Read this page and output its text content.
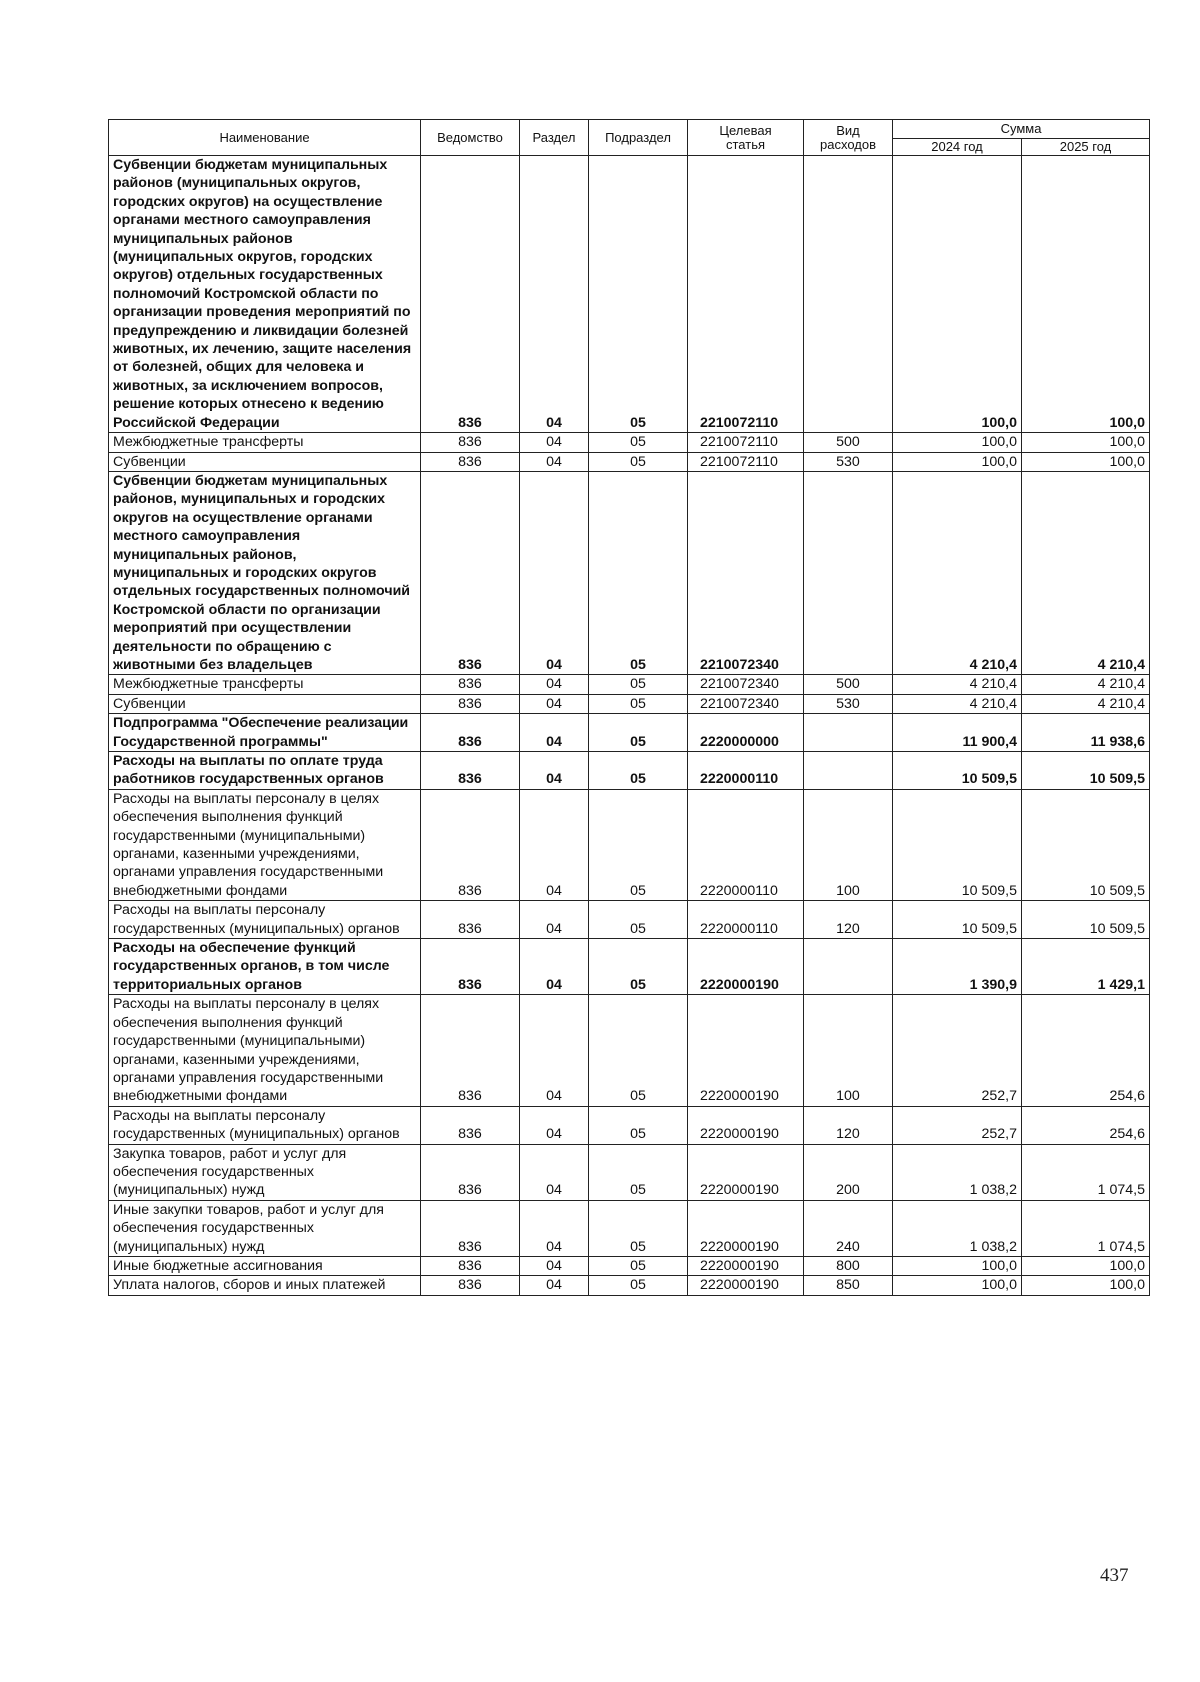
Наименование	Ведомство	Раздел	Подраздел	Целевая статья	Вид расходов	Сумма	
						2024 год	2025 год
Субвенции бюджетам муниципальных районов (муниципальных округов, городских округов) на осуществление органами местного самоуправления муниципальных районов (муниципальных округов, городских округов) отдельных государственных полномочий Костромской области по организации проведения мероприятий по предупреждению и ликвидации болезней животных, их лечению, защите населения от болезней, общих для человека и животных, за исключением вопросов, решение которых отнесено к ведению Российской Федерации	836	04	05	2210072110		100,0	100,0
Межбюджетные трансферты	836	04	05	2210072110	500	100,0	100,0
Субвенции	836	04	05	2210072110	530	100,0	100,0
Субвенции бюджетам муниципальных районов, муниципальных и городских округов на осуществление органами местного самоуправления муниципальных районов, муниципальных и городских округов отдельных государственных полномочий Костромской области по организации мероприятий при осуществлении деятельности по обращению с животными без владельцев	836	04	05	2210072340		4 210,4	4 210,4
Межбюджетные трансферты	836	04	05	2210072340	500	4 210,4	4 210,4
Субвенции	836	04	05	2210072340	530	4 210,4	4 210,4
Подпрограмма "Обеспечение реализации Государственной программы"	836	04	05	2220000000		11 900,4	11 938,6
Расходы на выплаты по оплате труда работников государственных органов	836	04	05	2220000110		10 509,5	10 509,5
Расходы на выплаты персоналу в целях обеспечения выполнения функций государственными (муниципальными) органами, казенными учреждениями, органами управления государственными внебюджетными фондами	836	04	05	2220000110	100	10 509,5	10 509,5
Расходы на выплаты персоналу государственных (муниципальных) органов	836	04	05	2220000110	120	10 509,5	10 509,5
Расходы на обеспечение функций государственных органов, в том числе территориальных органов	836	04	05	2220000190		1 390,9	1 429,1
Расходы на выплаты персоналу в целях обеспечения выполнения функций государственными (муниципальными) органами, казенными учреждениями, органами управления государственными внебюджетными фондами	836	04	05	2220000190	100	252,7	254,6
Расходы на выплаты персоналу государственных (муниципальных) органов	836	04	05	2220000190	120	252,7	254,6
Закупка товаров, работ и услуг для обеспечения государственных (муниципальных) нужд	836	04	05	2220000190	200	1 038,2	1 074,5
Иные закупки товаров, работ и услуг для обеспечения государственных (муниципальных) нужд	836	04	05	2220000190	240	1 038,2	1 074,5
Иные бюджетные ассигнования	836	04	05	2220000190	800	100,0	100,0
Уплата налогов, сборов и иных платежей	836	04	05	2220000190	850	100,0	100,0
437
